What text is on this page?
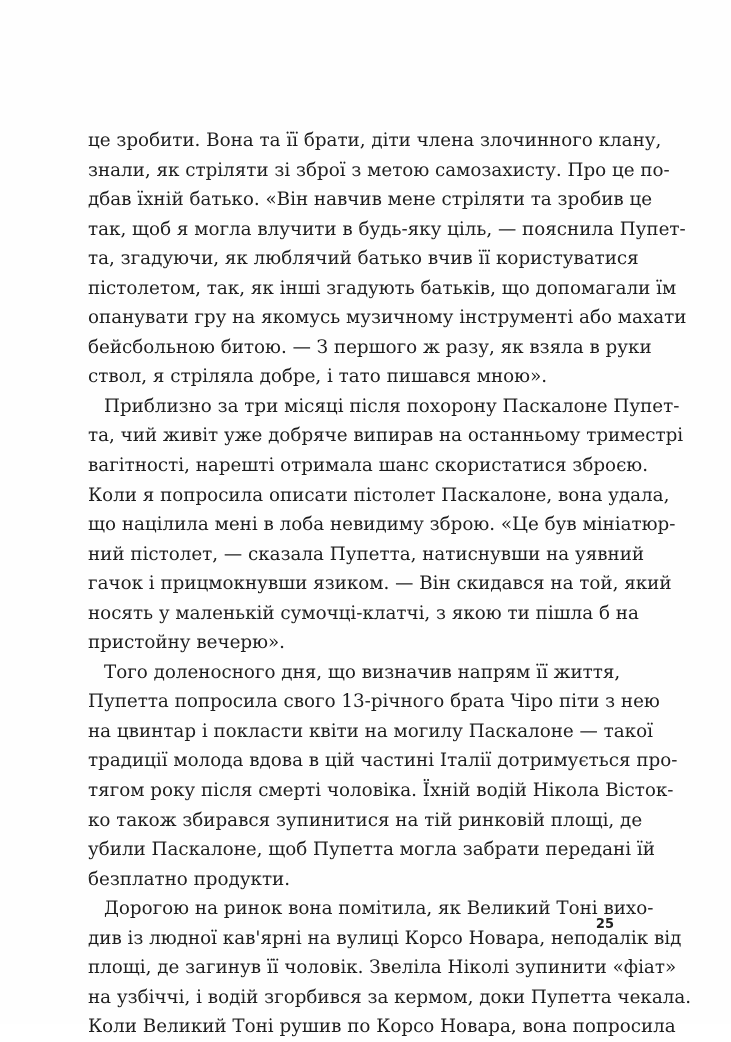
це зробити. Вона та її брати, діти члена злочинного клану,
знали, як стріляти зі зброї з метою самозахисту. Про це по-
дбав їхній батько. «Він навчив мене стріляти та зробив це
так, щоб я могла влучити в будь-яку ціль, — пояснила Пупет-
та, згадуючи, як люблячий батько вчив її користуватися
пістолетом, так, як інші згадують батьків, що допомагали їм
опанувати гру на якомусь музичному інструменті або махати
бейсбольною битою. — З першого ж разу, як взяла в руки
ствол, я стріляла добре, і тато пишався мною».
Приблизно за три місяці після похорону Паскалоне Пупет-
та, чий живіт уже добряче випирав на останньому триместрі
вагітності, нарешті отримала шанс скористатися зброєю.
Коли я попросила описати пістолет Паскалоне, вона удала,
що націлила мені в лоба невидиму зброю. «Це був мініатюр-
ний пістолет, — сказала Пупетта, натиснувши на уявний
гачок і прицмокнувши язиком. — Він скидався на той, який
носять у маленькій сумочці-клатчі, з якою ти пішла б на
пристойну вечерю».
Того доленосного дня, що визначив напрям її життя,
Пупетта попросила свого 13-річного брата Чіро піти з нею
на цвинтар і покласти квіти на могилу Паскалоне — такої
традиції молода вдова в цій частині Італії дотримується про-
тягом року після смерті чоловіка. Їхній водій Нікола Вісток-
ко також збирався зупинитися на тій ринковій площі, де
убили Паскалоне, щоб Пупетта могла забрати передані їй
безплатно продукти.
Дорогою на ринок вона помітила, як Великий Тоні вихо-
див із людної кав'ярні на вулиці Корсо Новара, неподалік від
площі, де загинув її чоловік. Звеліла Ніколі зупинити «фіат»
на узбіччі, і водій згорбився за кермом, доки Пупетта чекала.
Коли Великий Тоні рушив по Корсо Новара, вона попросила
25
